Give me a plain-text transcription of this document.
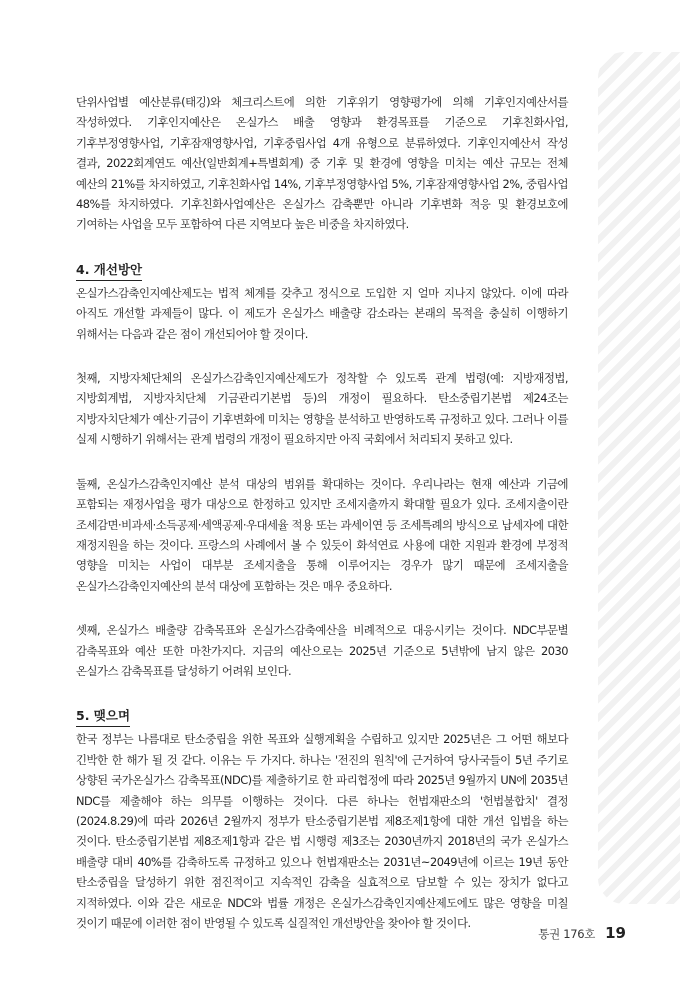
단위사업별 예산분류(태깅)와 체크리스트에 의한 기후위기 영향평가에 의해 기후인지예산서를 작성하였다. 기후인지예산은 온실가스 배출 영향과 환경목표를 기준으로 기후친화사업, 기후부정영향사업, 기후잠재영향사업, 기후중립사업 4개 유형으로 분류하였다. 기후인지예산서 작성 결과, 2022회계연도 예산(일반회계+특별회계) 중 기후 및 환경에 영향을 미치는 예산 규모는 전체 예산의 21%를 차지하였고, 기후친화사업 14%, 기후부정영향사업 5%, 기후잠재영향사업 2%, 중립사업 48%를 차지하였다. 기후친화사업예산은 온실가스 감축뿐만 아니라 기후변화 적응 및 환경보호에 기여하는 사업을 모두 포함하여 다른 지역보다 높은 비중을 차지하였다.

4. 개선방안

온실가스감축인지예산제도는 법적 체계를 갖추고 정식으로 도입한 지 얼마 지나지 않았다. 이에 따라 아직도 개선할 과제들이 많다. 이 제도가 온실가스 배출량 감소라는 본래의 목적을 충실히 이행하기 위해서는 다음과 같은 점이 개선되어야 할 것이다.

첫째, 지방자체단체의 온실가스감축인지예산제도가 정착할 수 있도록 관계 법령(예: 지방재정법, 지방회계법, 지방자치단체 기금관리기본법 등)의 개정이 필요하다. 탄소중립기본법 제24조는 지방자치단체가 예산·기금이 기후변화에 미치는 영향을 분석하고 반영하도록 규정하고 있다. 그러나 이를 실제 시행하기 위해서는 관계 법령의 개정이 필요하지만 아직 국회에서 처리되지 못하고 있다.

둘째, 온실가스감축인지예산 분석 대상의 범위를 확대하는 것이다. 우리나라는 현재 예산과 기금에 포함되는 재정사업을 평가 대상으로 한정하고 있지만 조세지출까지 확대할 필요가 있다. 조세지출이란 조세감면·비과세·소득공제·세액공제·우대세율 적용 또는 과세이연 등 조세특례의 방식으로 납세자에 대한 재정지원을 하는 것이다. 프랑스의 사례에서 볼 수 있듯이 화석연료 사용에 대한 지원과 환경에 부정적 영향을 미치는 사업이 대부분 조세지출을 통해 이루어지는 경우가 많기 때문에 조세지출을 온실가스감축인지예산의 분석 대상에 포함하는 것은 매우 중요하다.

셋째, 온실가스 배출량 감축목표와 온실가스감축예산을 비례적으로 대응시키는 것이다. NDC부문별 감축목표와 예산 또한 마찬가지다. 지금의 예산으로는 2025년 기준으로 5년밖에 남지 않은 2030 온실가스 감축목표를 달성하기 어려워 보인다.

5. 맺으며

한국 정부는 나름대로 탄소중립을 위한 목표와 실행계획을 수립하고 있지만 2025년은 그 어떤 해보다 긴박한 한 해가 될 것 같다. 이유는 두 가지다. 하나는 '전진의 원칙'에 근거하여 당사국들이 5년 주기로 상향된 국가온실가스 감축목표(NDC)를 제출하기로 한 파리협정에 따라 2025년 9월까지 UN에 2035년 NDC를 제출해야 하는 의무를 이행하는 것이다. 다른 하나는 헌법재판소의 '헌법불합치' 결정(2024.8.29)에 따라 2026년 2월까지 정부가 탄소중립기본법 제8조제1항에 대한 개선 입법을 하는 것이다. 탄소중립기본법 제8조제1항과 같은 법 시행령 제3조는 2030년까지 2018년의 국가 온실가스 배출량 대비 40%를 감축하도록 규정하고 있으나 헌법재판소는 2031년~2049년에 이르는 19년 동안 탄소중립을 달성하기 위한 점진적이고 지속적인 감축을 실효적으로 담보할 수 있는 장치가 없다고 지적하였다. 이와 같은 새로운 NDC와 법률 개정은 온실가스감축인지예산제도에도 많은 영향을 미칠 것이기 때문에 이러한 점이 반영될 수 있도록 실질적인 개선방안을 찾아야 할 것이다.

통권 176호 19
